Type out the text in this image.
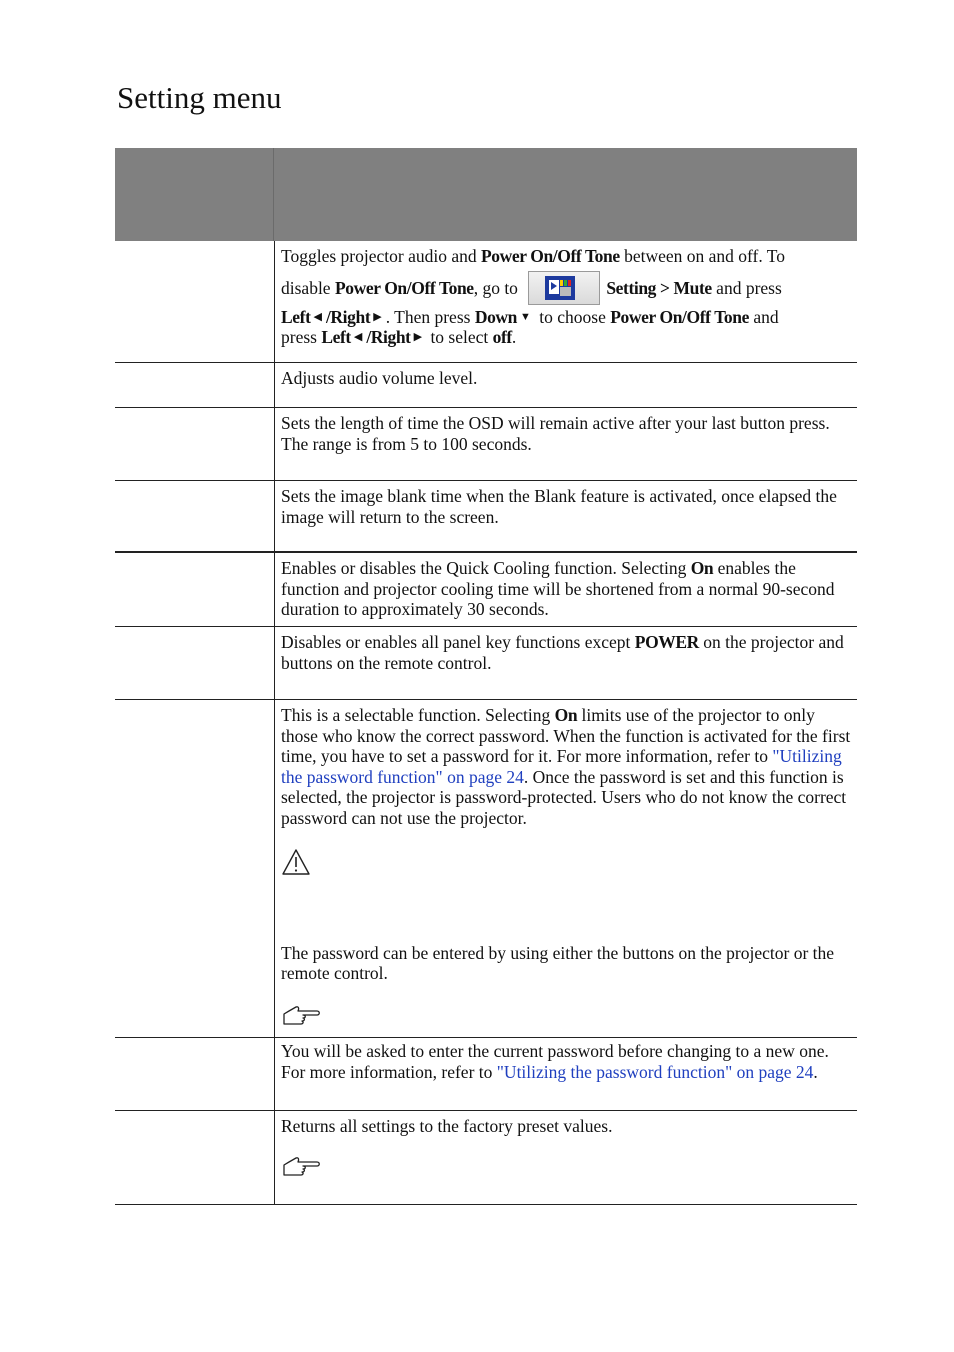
Setting menu

Toggles projector audio and Power On/Off Tone between on and off. To

disable Power On/Off Tone, go to	Setting > Mute and press

Left ◀ /Right ▶ . Then press Down ▼ to choose Power On/Off Tone and

press Left ◀ /Right ▶ to select off.

Adjusts audio volume level.

Sets the length of time the OSD will remain active after your last button press. The range is from 5 to 100 seconds.

Sets the image blank time when the Blank feature is activated, once elapsed the image will return to the screen.

Enables or disables the Quick Cooling function. Selecting On enables the function and projector cooling time will be shortened from a normal 90-second duration to approximately 30 seconds.

Disables or enables all panel key functions except POWER on the projector and buttons on the remote control.

This is a selectable function. Selecting On limits use of the projector to only those who know the correct password. When the function is activated for the first time, you have to set a password for it. For more information, refer to "Utilizing the password function" on page 24. Once the password is set and this function is selected, the projector is password-protected. Users who do not know the correct password can not use the projector.

The password can be entered by using either the buttons on the projector or the remote control.

You will be asked to enter the current password before changing to a new one. For more information, refer to "Utilizing the password function" on page 24.

Returns all settings to the factory preset values.
